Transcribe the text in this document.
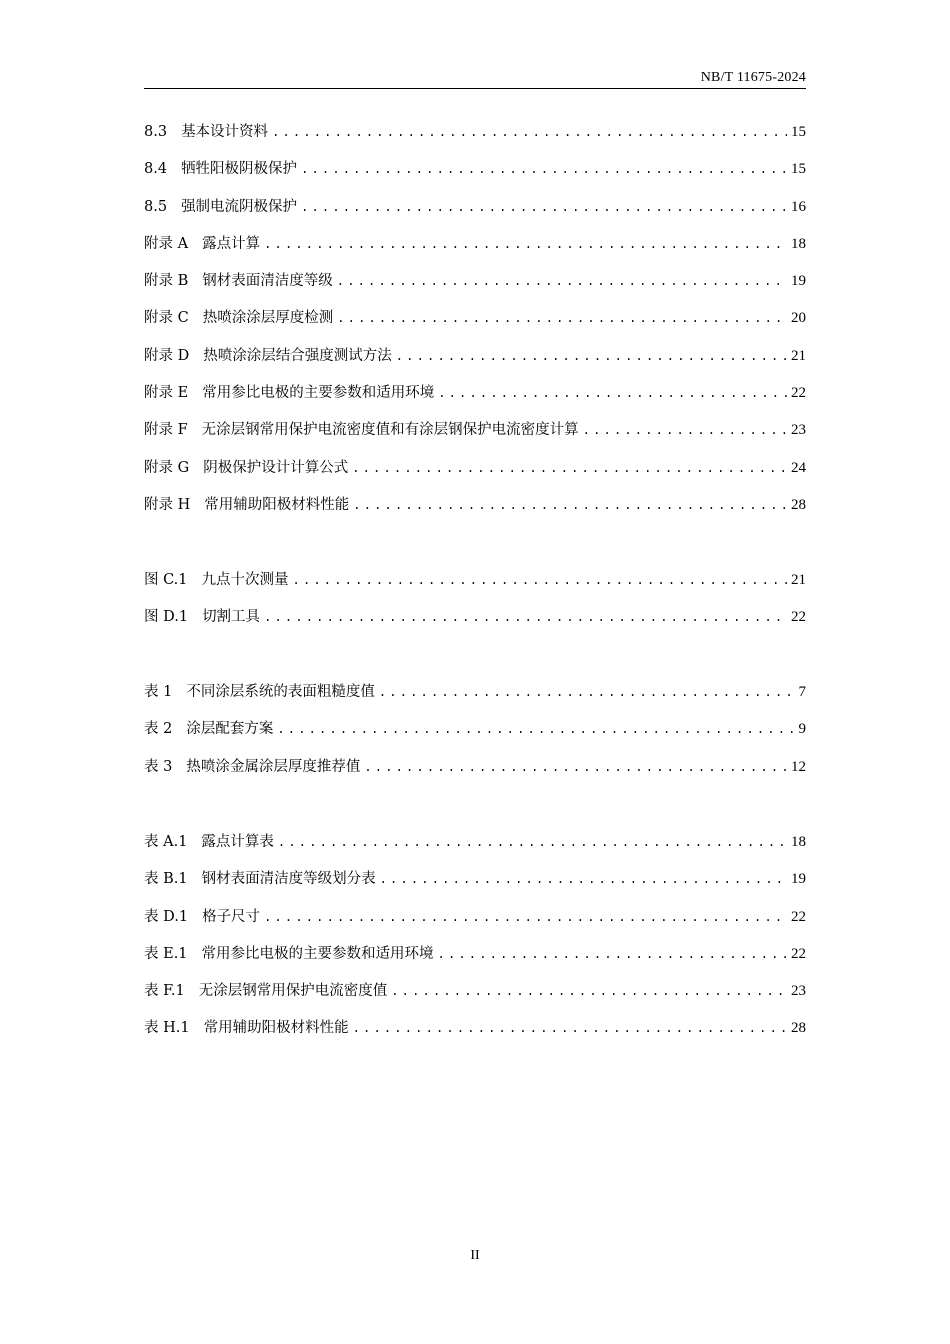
NB/T 11675-2024
8.3 基本设计资料 .....	15
8.4 牺牲阳极阴极保护 .....	15
8.5 强制电流阴极保护 .....	16
附录 A 露点计算 .....	18
附录 B 钢材表面清洁度等级 .....	19
附录 C 热喷涂涂层厚度检测 .....	20
附录 D 热喷涂涂层结合强度测试方法 .....	21
附录 E 常用参比电极的主要参数和适用环境 .....	22
附录 F 无涂层钢常用保护电流密度值和有涂层钢保护电流密度计算 .....	23
附录 G 阴极保护设计计算公式 .....	24
附录 H 常用辅助阳极材料性能 .....	28
图 C.1 九点十次测量 .....	21
图 D.1 切割工具 .....	22
表 1 不同涂层系统的表面粗糙度值 .....	7
表 2 涂层配套方案 .....	9
表 3 热喷涂金属涂层厚度推荐值 .....	12
表 A.1 露点计算表 .....	18
表 B.1 钢材表面清洁度等级划分表 .....	19
表 D.1 格子尺寸 .....	22
表 E.1 常用参比电极的主要参数和适用环境 .....	22
表 F.1 无涂层钢常用保护电流密度值 .....	23
表 H.1 常用辅助阳极材料性能 .....	28
II
